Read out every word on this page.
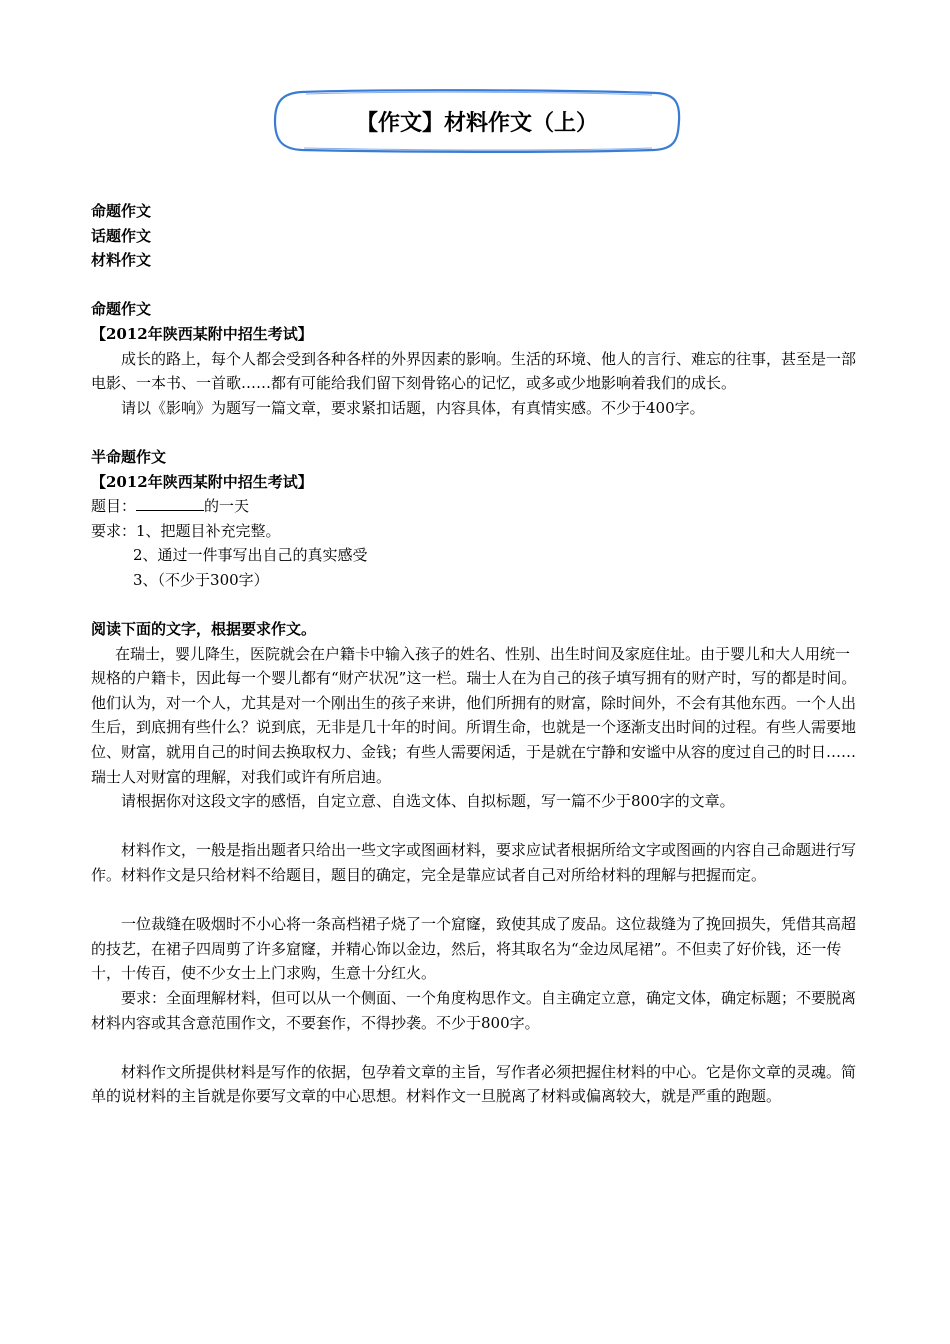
【作文】材料作文（上）

命题作文

话题作文

材料作文

命题作文

【2012年陕西某附中招生考试】

成长的路上，每个人都会受到各种各样的外界因素的影响。生活的环境、他人的言行、难忘的往事，甚至是一部电影、一本书、一首歌……都有可能给我们留下刻骨铭心的记忆，或多或少地影响着我们的成长。

请以《影响》为题写一篇文章，要求紧扣话题，内容具体，有真情实感。不少于400字。

半命题作文

【2012年陕西某附中招生考试】

题目：	的一天

要求：1、把题目补充完整。

2、通过一件事写出自己的真实感受

3、（不少于300字）

阅读下面的文字，根据要求作文。

在瑞士，婴儿降生，医院就会在户籍卡中输入孩子的姓名、性别、出生时间及家庭住址。由于婴儿和大人用统一规格的户籍卡，因此每一个婴儿都有“财产状况”这一栏。瑞士人在为自己的孩子填写拥有的财产时，写的都是时间。他们认为，对一个人，尤其是对一个刚出生的孩子来讲，他们所拥有的财富，除时间外，不会有其他东西。一个人出生后，到底拥有些什么？说到底，无非是几十年的时间。所谓生命，也就是一个逐渐支出时间的过程。有些人需要地位、财富，就用自己的时间去换取权力、金钱；有些人需要闲适，于是就在宁静和安谧中从容的度过自己的时日……瑞士人对财富的理解，对我们或许有所启迪。

请根据你对这段文字的感悟，自定立意、自选文体、自拟标题，写一篇不少于800字的文章。

材料作文，一般是指出题者只给出一些文字或图画材料，要求应试者根据所给文字或图画的内容自己命题进行写作。材料作文是只给材料不给题目，题目的确定，完全是靠应试者自己对所给材料的理解与把握而定。

一位裁缝在吸烟时不小心将一条高档裙子烧了一个窟窿，致使其成了废品。这位裁缝为了挽回损失，凭借其高超的技艺，在裙子四周剪了许多窟窿，并精心饰以金边，然后，将其取名为“金边凤尾裙”。不但卖了好价钱，还一传十，十传百，使不少女士上门求购，生意十分红火。

要求：全面理解材料，但可以从一个侧面、一个角度构思作文。自主确定立意，确定文体，确定标题；不要脱离材料内容或其含意范围作文，不要套作，不得抄袭。不少于800字。

材料作文所提供材料是写作的依据，包孕着文章的主旨，写作者必须把握住材料的中心。它是你文章的灵魂。简单的说材料的主旨就是你要写文章的中心思想。材料作文一旦脱离了材料或偏离较大，就是严重的跑题。
